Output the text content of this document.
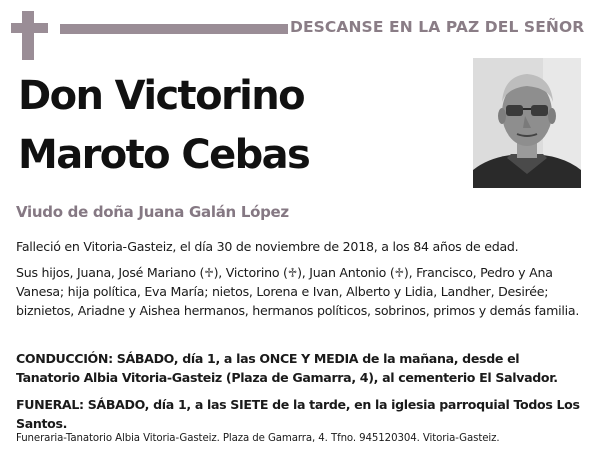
DESCANSE EN LA PAZ DEL SEÑOR
Don Victorino
Maroto Cebas
Viudo de doña Juana Galán López
Falleció en Vitoria-Gasteiz, el día 30 de noviembre de 2018, a los 84 años de edad.
Sus hijos, Juana, José Mariano (♱), Victorino (♱), Juan Antonio (♱), Francisco, Pedro y Ana Vanesa; hija política, Eva María; nietos, Lorena e Ivan, Alberto y Lidia, Landher, Desirée; biznietos, Ariadne y Aishea hermanos, hermanos políticos, sobrinos, primos y demás familia.
CONDUCCIÓN: SÁBADO, día 1, a las ONCE Y MEDIA de la mañana, desde el Tanatorio Albia Vitoria-Gasteiz (Plaza de Gamarra, 4), al cementerio El Salvador.
FUNERAL: SÁBADO, día 1, a las SIETE de la tarde, en la iglesia parroquial Todos Los Santos.
Funeraria-Tanatorio Albia Vitoria-Gasteiz. Plaza de Gamarra, 4. Tfno. 945120304. Vitoria-Gasteiz.
